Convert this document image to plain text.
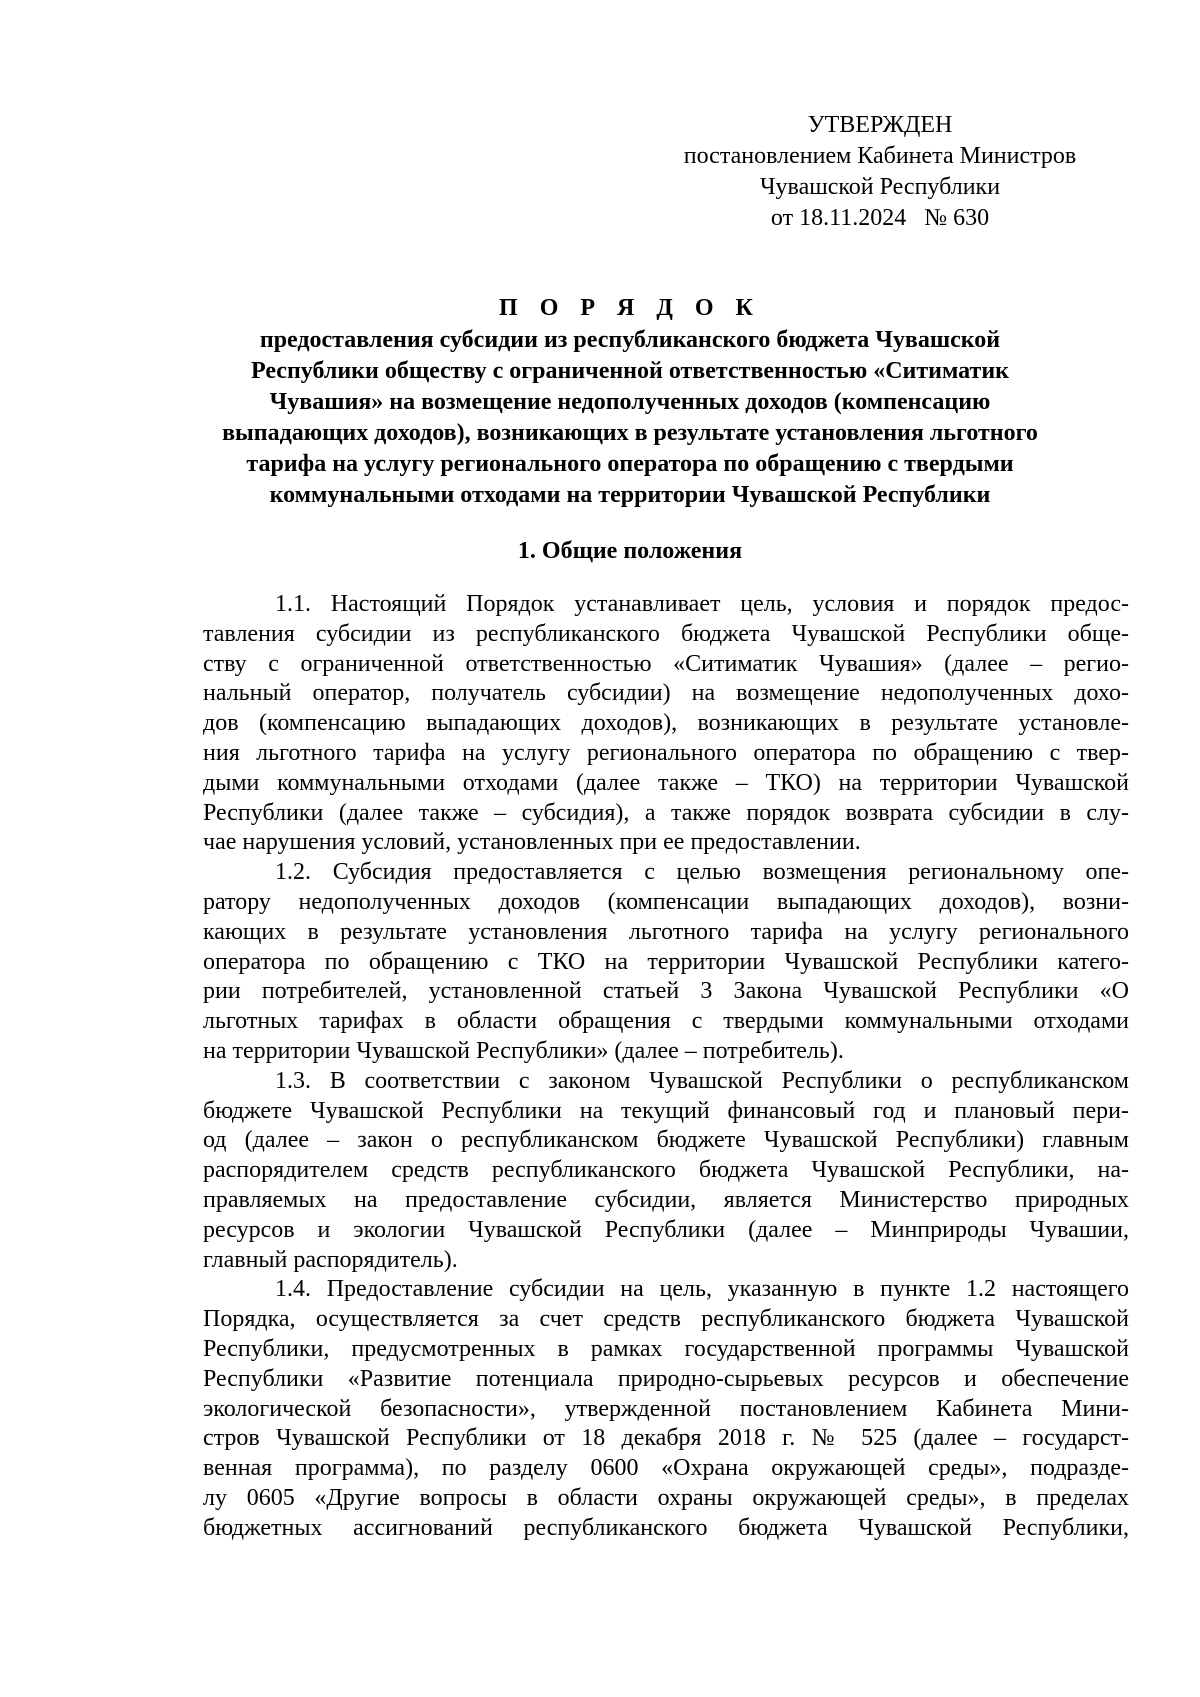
УТВЕРЖДЕН
постановлением Кабинета Министров
Чувашской Республики
от 18.11.2024   № 630
П О Р Я Д О К
предоставления субсидии из республиканского бюджета Чувашской
Республики обществу с ограниченной ответственностью «Ситиматик
Чувашия» на возмещение недополученных доходов (компенсацию
выпадающих доходов), возникающих в результате установления льготного
тарифа на услугу регионального оператора по обращению с твердыми
коммунальными отходами на территории Чувашской Республики
1. Общие положения
1.1. Настоящий Порядок устанавливает цель, условия и порядок предос-
тавления субсидии из республиканского бюджета Чувашской Республики обще-
ству с ограниченной ответственностью «Ситиматик Чувашия» (далее – регио-
нальный оператор, получатель субсидии) на возмещение недополученных дохо-
дов (компенсацию выпадающих доходов), возникающих в результате установле-
ния льготного тарифа на услугу регионального оператора по обращению с твер-
дыми коммунальными отходами (далее также – ТКО) на территории Чувашской
Республики (далее также – субсидия), а также порядок возврата субсидии в слу-
чае нарушения условий, установленных при ее предоставлении.
1.2. Субсидия предоставляется с целью возмещения региональному опе-
ратору недополученных доходов (компенсации выпадающих доходов), возни-
кающих в результате установления льготного тарифа на услугу регионального
оператора по обращению с ТКО на территории Чувашской Республики катего-
рии потребителей, установленной статьей 3 Закона Чувашской Республики «О
льготных тарифах в области обращения с твердыми коммунальными отходами
на территории Чувашской Республики» (далее – потребитель).
1.3. В соответствии с законом Чувашской Республики о республиканском
бюджете Чувашской Республики на текущий финансовый год и плановый пери-
од (далее – закон о республиканском бюджете Чувашской Республики) главным
распорядителем средств республиканского бюджета Чувашской Республики, на-
правляемых на предоставление субсидии, является Министерство природных
ресурсов и экологии Чувашской Республики (далее – Минприроды Чувашии,
главный распорядитель).
1.4. Предоставление субсидии на цель, указанную в пункте 1.2 настоящего
Порядка, осуществляется за счет средств республиканского бюджета Чувашской
Республики, предусмотренных в рамках государственной программы Чувашской
Республики «Развитие потенциала природно-сырьевых ресурсов и обеспечение
экологической безопасности», утвержденной постановлением Кабинета Мини-
стров Чувашской Республики от 18 декабря 2018 г. № 525 (далее – государст-
венная программа), по разделу 0600 «Охрана окружающей среды», подразде-
лу 0605 «Другие вопросы в области охраны окружающей среды», в пределах
бюджетных ассигнований республиканского бюджета Чувашской Республики,
